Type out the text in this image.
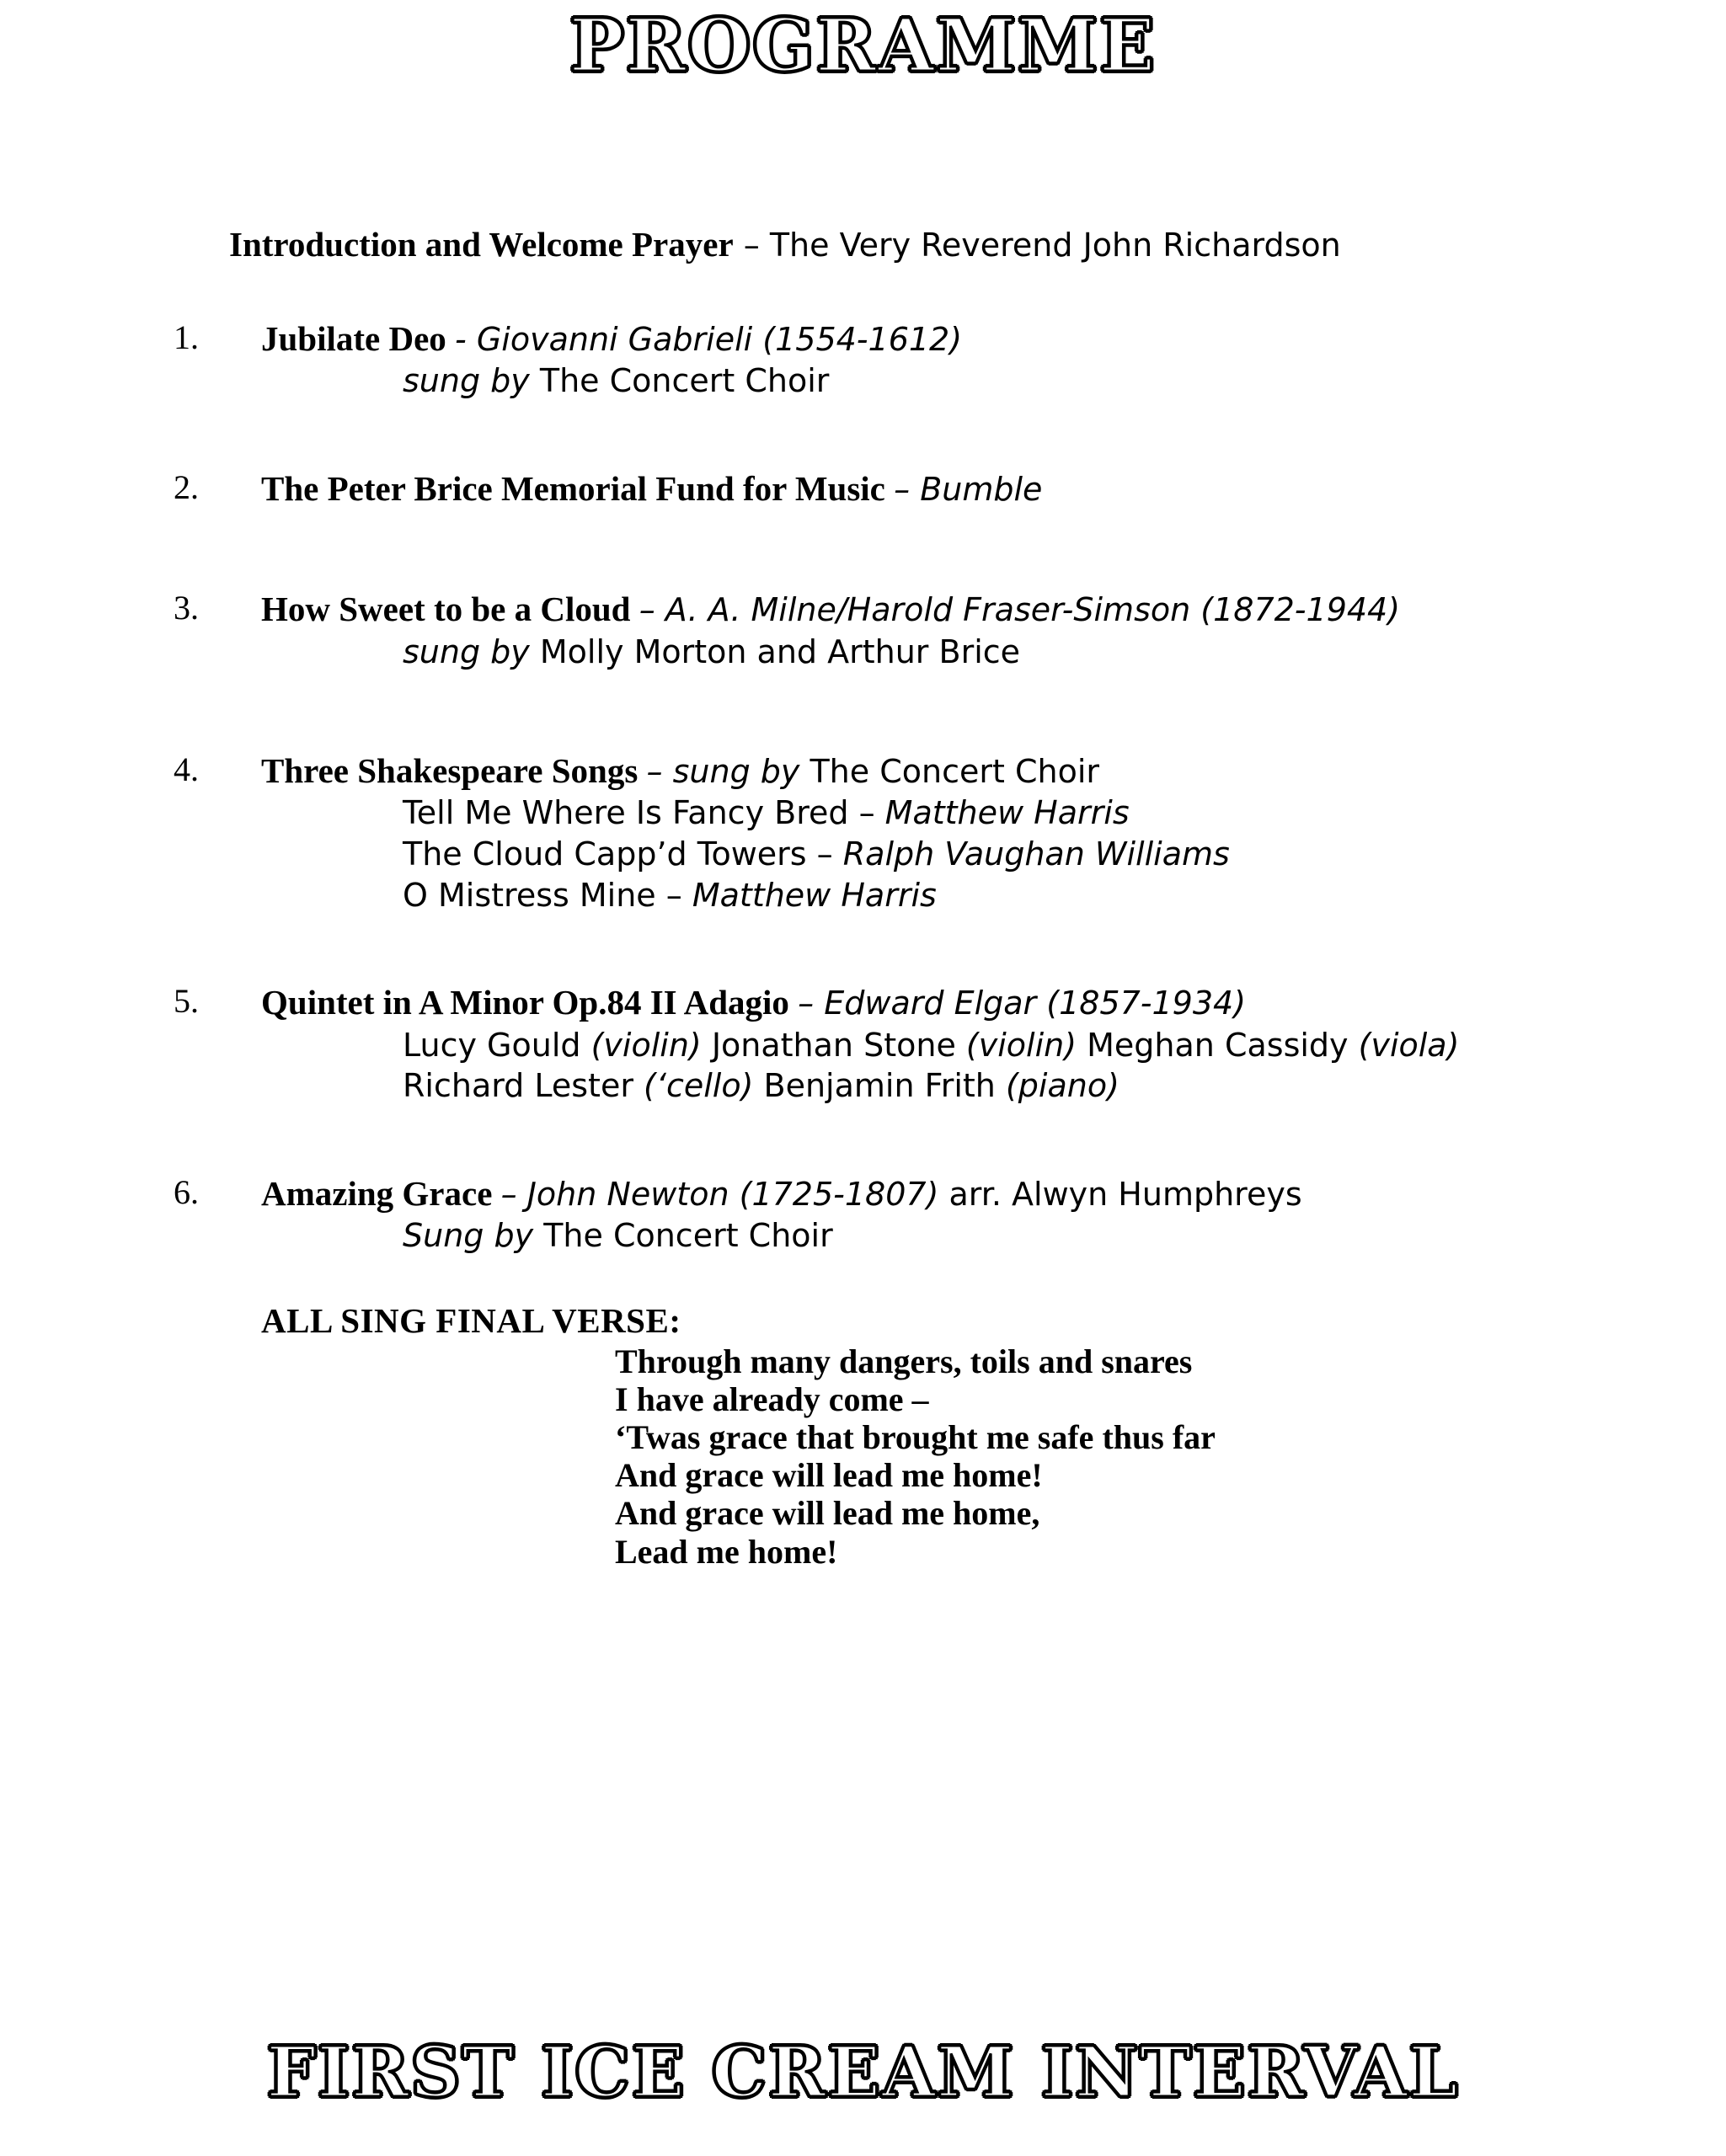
PROGRAMME
Introduction and Welcome Prayer – The Very Reverend John Richardson
1. Jubilate Deo - Giovanni Gabrieli (1554-1612)
sung by The Concert Choir
2. The Peter Brice Memorial Fund for Music – Bumble
3. How Sweet to be a Cloud – A. A. Milne/Harold Fraser-Simson (1872-1944)
sung by Molly Morton and Arthur Brice
4. Three Shakespeare Songs – sung by The Concert Choir
Tell Me Where Is Fancy Bred – Matthew Harris
The Cloud Capp’d Towers – Ralph Vaughan Williams
O Mistress Mine – Matthew Harris
5. Quintet in A Minor Op.84 II Adagio – Edward Elgar (1857-1934)
Lucy Gould (violin) Jonathan Stone (violin) Meghan Cassidy (viola)
Richard Lester (‘cello) Benjamin Frith (piano)
6. Amazing Grace – John Newton (1725-1807) arr. Alwyn Humphreys
Sung by The Concert Choir
ALL SING FINAL VERSE:
Through many dangers, toils and snares
I have already come –
‘Twas grace that brought me safe thus far
And grace will lead me home!
And grace will lead me home,
Lead me home!
FIRST ICE CREAM INTERVAL
